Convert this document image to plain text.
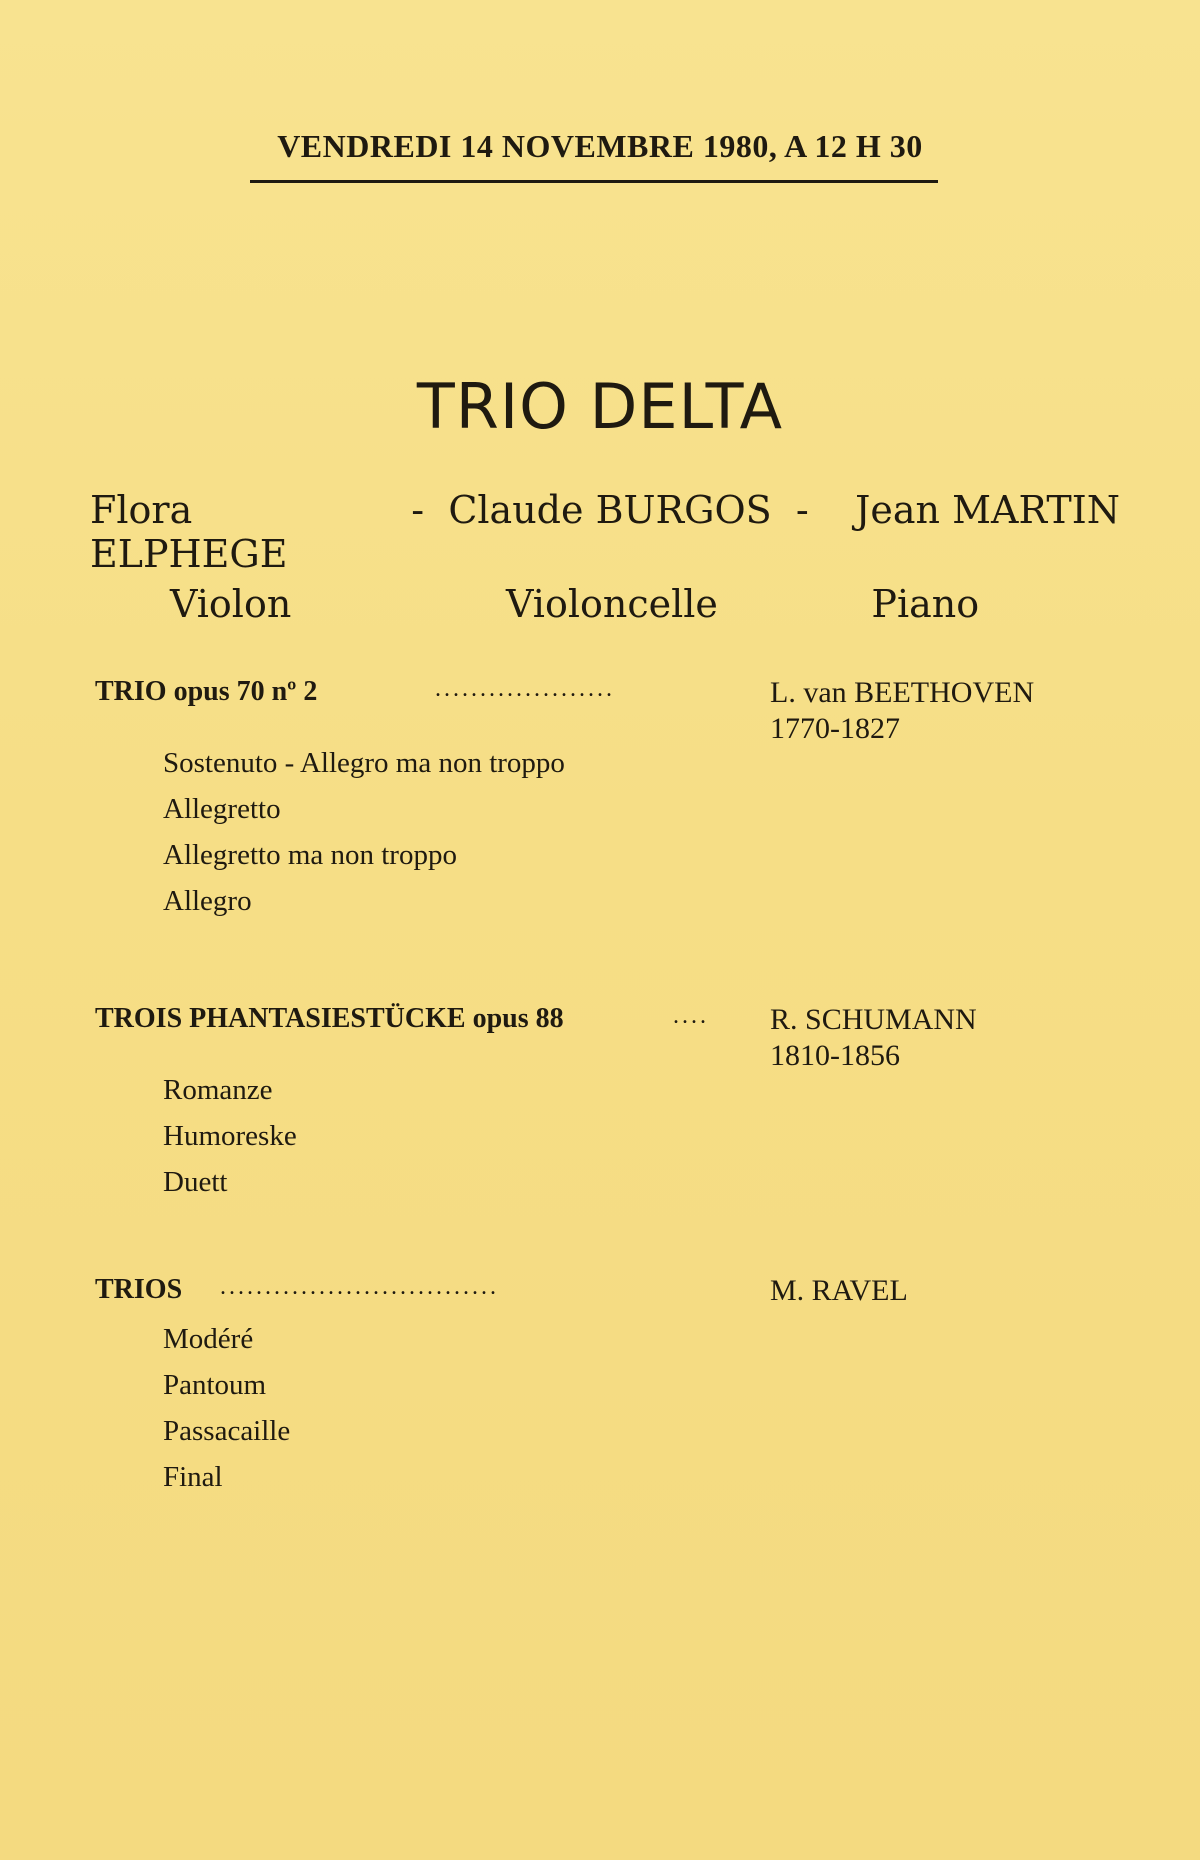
VENDREDI 14 NOVEMBRE 1980, A 12 H 30
TRIO DELTA
Flora ELPHEGE
- Claude BURGOS -	Jean MARTIN
Violon	Violoncelle	Piano
TRIO opus 70 nº 2	....................	L. van BEETHOVEN
1770-1827
Sostenuto - Allegro ma non troppo
Allegretto
Allegretto ma non troppo
Allegro
TROIS PHANTASIESTÜCKE opus 88	.... R. SCHUMANN
1810-1856
Romanze
Humoreske
Duett
TRIOS ...............................	M. RAVEL
Modéré
Pantoum
Passacaille
Final
